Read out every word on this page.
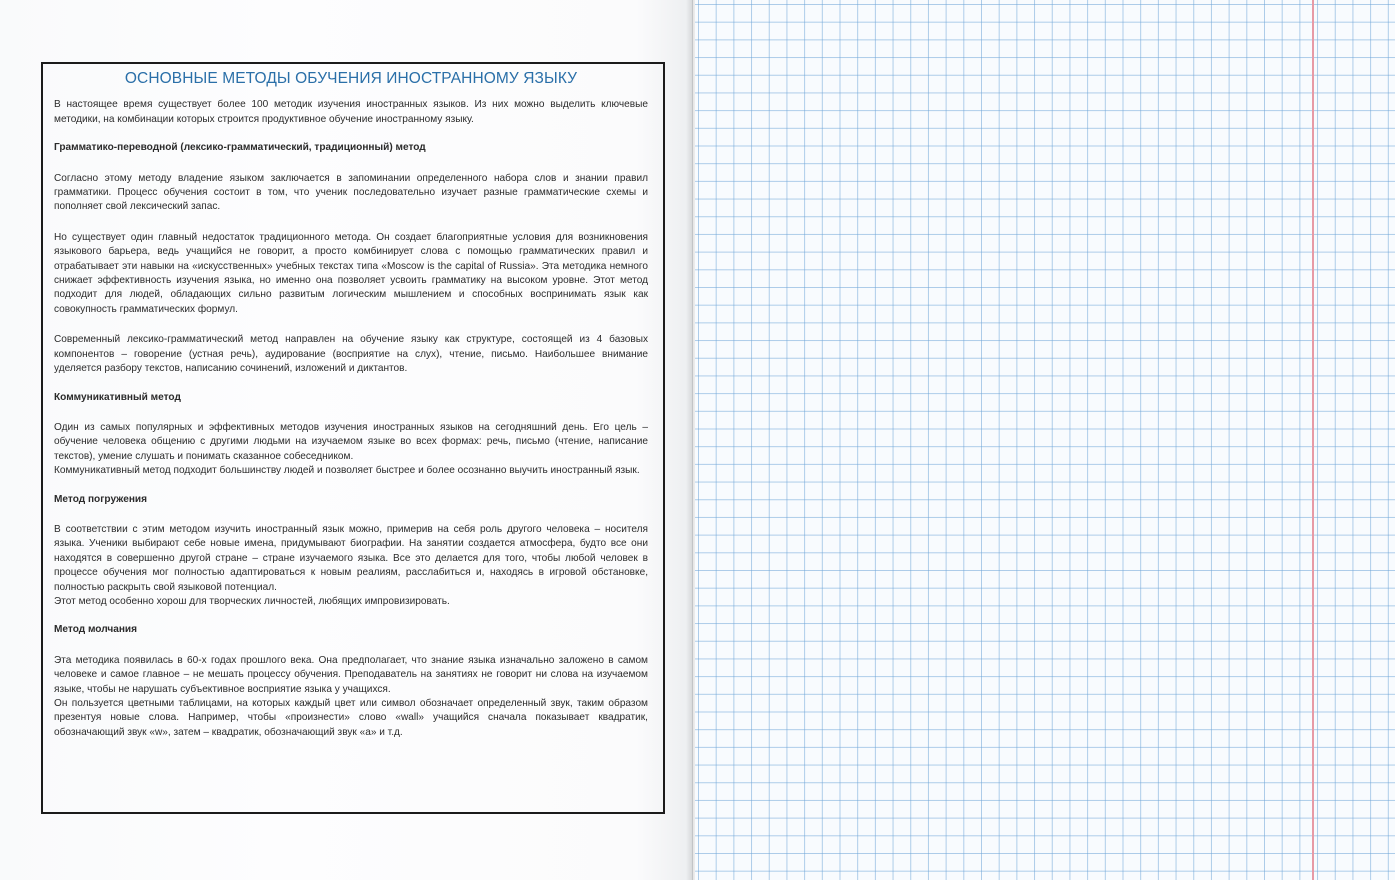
ОСНОВНЫЕ МЕТОДЫ ОБУЧЕНИЯ ИНОСТРАННОМУ ЯЗЫКУ

В настоящее время существует более 100 методик изучения иностранных языков. Из них можно выделить ключевые методики, на комбинации которых строится продуктивное обучение иностранному языку.

Грамматико-переводной (лексико-грамматический, традиционный) метод

Согласно этому методу владение языком заключается в запоминании определенного набора слов и знании правил грамматики. Процесс обучения состоит в том, что ученик последовательно изучает разные грамматические схемы и пополняет свой лексический запас.

Но существует один главный недостаток традиционного метода. Он создает благоприятные условия для возникновения языкового барьера, ведь учащийся не говорит, а просто комбинирует слова с помощью грамматических правил и отрабатывает эти навыки на «искусственных» учебных текстах типа «Moscow is the capital of Russia». Эта методика немного снижает эффективность изучения языка, но именно она позволяет усвоить грамматику на высоком уровне. Этот метод подходит для людей, обладающих сильно развитым логическим мышлением и способных воспринимать язык как совокупность грамматических формул.

Современный лексико-грамматический метод направлен на обучение языку как структуре, состоящей из 4 базовых компонентов – говорение (устная речь), аудирование (восприятие на слух), чтение, письмо. Наибольшее внимание уделяется разбору текстов, написанию сочинений, изложений и диктантов.

Коммуникативный метод

Один из самых популярных и эффективных методов изучения иностранных языков на сегодняшний день. Его цель – обучение человека общению с другими людьми на изучаемом языке во всех формах: речь, письмо (чтение, написание текстов), умение слушать и понимать сказанное собеседником.

Коммуникативный метод подходит большинству людей и позволяет быстрее и более осознанно выучить иностранный язык.

Метод погружения

В соответствии с этим методом изучить иностранный язык можно, примерив на себя роль другого человека – носителя языка. Ученики выбирают себе новые имена, придумывают биографии. На занятии создается атмосфера, будто все они находятся в совершенно другой стране – стране изучаемого языка. Все это делается для того, чтобы любой человек в процессе обучения мог полностью адаптироваться к новым реалиям, расслабиться и, находясь в игровой обстановке, полностью раскрыть свой языковой потенциал.

Этот метод особенно хорош для творческих личностей, любящих импровизировать.

Метод молчания

Эта методика появилась в 60-х годах прошлого века. Она предполагает, что знание языка изначально заложено в самом человеке и самое главное – не мешать процессу обучения. Преподаватель на занятиях не говорит ни слова на изучаемом языке, чтобы не нарушать субъективное восприятие языка у учащихся.

Он пользуется цветными таблицами, на которых каждый цвет или символ обозначает определенный звук, таким образом презентуя новые слова. Например, чтобы «произнести» слово «wall» учащийся сначала показывает квадратик, обозначающий звук «w», затем – квадратик, обозначающий звук «а» и т.д.
